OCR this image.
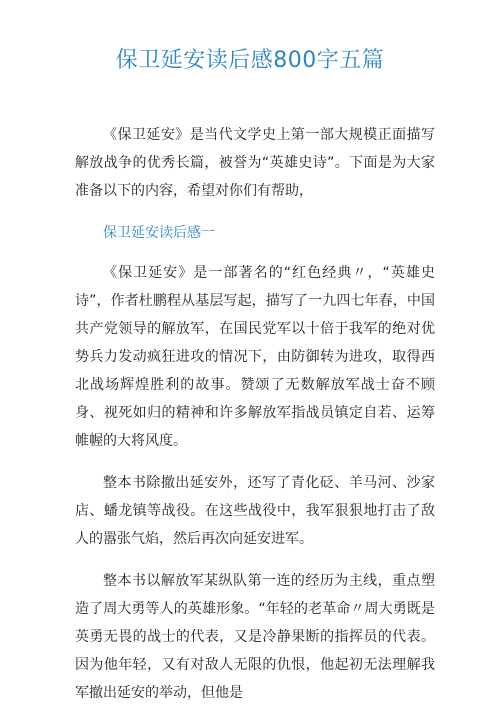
保卫延安读后感800字五篇

《保卫延安》是当代文学史上第一部大规模正面描写解放战争的优秀长篇，被誉为“英雄史诗”。下面是为大家准备以下的内容，希望对你们有帮助，

保卫延安读后感一

《保卫延安》是一部著名的“红色经典〃，“英雄史诗”，作者杜鹏程从基层写起，描写了一九四七年春，中国共产党领导的解放军，在国民党军以十倍于我军的绝对优势兵力发动疯狂进攻的情况下，由防御转为进攻，取得西北战场辉煌胜利的故事。赞颂了无数解放军战士奋不顾身、视死如归的精神和许多解放军指战员镇定自若、运筹帷幄的大将风度。

整本书除撤出延安外，还写了青化砭、羊马河、沙家店、蟠龙镇等战役。在这些战役中，我军狠狠地打击了敌人的嚣张气焰，然后再次向延安进军。

整本书以解放军某纵队第一连的经历为主线，重点塑造了周大勇等人的英雄形象。“年轻的老革命〃周大勇既是英勇无畏的战士的代表，又是冷静果断的指挥员的代表。因为他年轻，又有对敌人无限的仇恨，他起初无法理解我军撤出延安的举动，但他是
